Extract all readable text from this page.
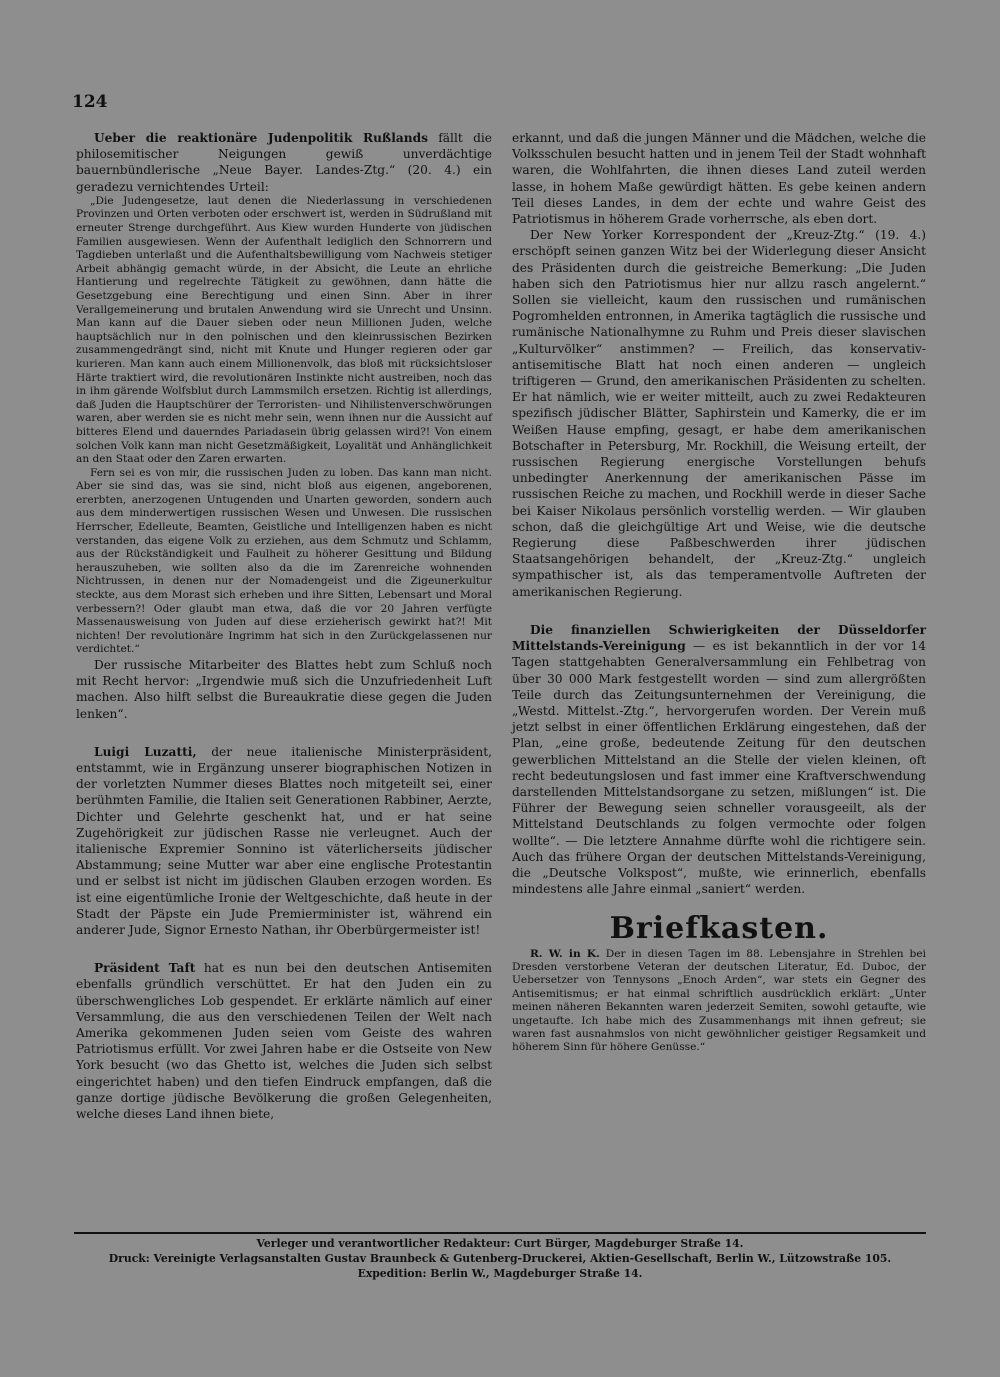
124

Ueber die reaktionäre Judenpolitik Rußlands fällt die philosemitischer Neigungen gewiß unverdächtige bauernbündlerische „Neue Bayer. Landes-Ztg.“ (20. 4.) ein geradezu vernichtendes Urteil:

„Die Judengesetze, laut denen die Niederlassung in verschiedenen Provinzen und Orten verboten oder erschwert ist, werden in Südrußland mit erneuter Strenge durchgeführt. Aus Kiew wurden Hunderte von jüdischen Familien ausgewiesen. Wenn der Aufenthalt lediglich den Schnorrern und Tagdieben unterlaßt und die Aufenthaltsbewilligung vom Nachweis stetiger Arbeit abhängig gemacht würde, in der Absicht, die Leute an ehrliche Hantierung und regelrechte Tätigkeit zu gewöhnen, dann hätte die Gesetzgebung eine Berechtigung und einen Sinn. Aber in ihrer Verallgemeinerung und brutalen Anwendung wird sie Unrecht und Unsinn. Man kann auf die Dauer sieben oder neun Millionen Juden, welche hauptsächlich nur in den polnischen und den kleinrussischen Bezirken zusammengedrängt sind, nicht mit Knute und Hunger regieren oder gar kurieren. Man kann auch einem Millionenvolk, das bloß mit rücksichtsloser Härte traktiert wird, die revolutionären Instinkte nicht austreiben, noch das in ihm gärende Wolfsblut durch Lammsmilch ersetzen. Richtig ist allerdings, daß Juden die Hauptschürer der Terroristen- und Nihilistenverschwörungen waren, aber werden sie es nicht mehr sein, wenn ihnen nur die Aussicht auf bitteres Elend und dauerndes Pariadasein übrig gelassen wird?! Von einem solchen Volk kann man nicht Gesetzmäßigkeit, Loyalität und Anhänglichkeit an den Staat oder den Zaren erwarten.

Fern sei es von mir, die russischen Juden zu loben. Das kann man nicht. Aber sie sind das, was sie sind, nicht bloß aus eigenen, angeborenen, ererbten, anerzogenen Untugenden und Unarten geworden, sondern auch aus dem minderwertigen russischen Wesen und Unwesen. Die russischen Herrscher, Edelleute, Beamten, Geistliche und Intelligenzen haben es nicht verstanden, das eigene Volk zu erziehen, aus dem Schmutz und Schlamm, aus der Rückständigkeit und Faulheit zu höherer Gesittung und Bildung herauszuheben, wie sollten also da die im Zarenreiche wohnenden Nichtrussen, in denen nur der Nomadengeist und die Zigeunerkultur steckte, aus dem Morast sich erheben und ihre Sitten, Lebensart und Moral verbessern?! Oder glaubt man etwa, daß die vor 20 Jahren verfügte Massenausweisung von Juden auf diese erzieherisch gewirkt hat?! Mit nichten! Der revolutionäre Ingrimm hat sich in den Zurückgelassenen nur verdichtet.“

Der russische Mitarbeiter des Blattes hebt zum Schluß noch mit Recht hervor: „Irgendwie muß sich die Unzufriedenheit Luft machen. Also hilft selbst die Bureaukratie diese gegen die Juden lenken“.

Luigi Luzatti, der neue italienische Ministerpräsident, entstammt, wie in Ergänzung unserer biographischen Notizen in der vorletzten Nummer dieses Blattes noch mitgeteilt sei, einer berühmten Familie, die Italien seit Generationen Rabbiner, Aerzte, Dichter und Gelehrte geschenkt hat, und er hat seine Zugehörigkeit zur jüdischen Rasse nie verleugnet. Auch der italienische Expremier Sonnino ist väterlicherseits jüdischer Abstammung; seine Mutter war aber eine englische Protestantin und er selbst ist nicht im jüdischen Glauben erzogen worden. Es ist eine eigentümliche Ironie der Weltgeschichte, daß heute in der Stadt der Päpste ein Jude Premierminister ist, während ein anderer Jude, Signor Ernesto Nathan, ihr Oberbürgermeister ist!

Präsident Taft hat es nun bei den deutschen Antisemiten ebenfalls gründlich verschüttet. Er hat den Juden ein zu überschwengliches Lob gespendet. Er erklärte nämlich auf einer Versammlung, die aus den verschiedenen Teilen der Welt nach Amerika gekommenen Juden seien vom Geiste des wahren Patriotismus erfüllt. Vor zwei Jahren habe er die Ostseite von New York besucht (wo das Ghetto ist, welches die Juden sich selbst eingerichtet haben) und den tiefen Eindruck empfangen, daß die ganze dortige jüdische Bevölkerung die großen Gelegenheiten, welche dieses Land ihnen biete,

erkannt, und daß die jungen Männer und die Mädchen, welche die Volksschulen besucht hatten und in jenem Teil der Stadt wohnhaft waren, die Wohlfahrten, die ihnen dieses Land zuteil werden lasse, in hohem Maße gewürdigt hätten. Es gebe keinen andern Teil dieses Landes, in dem der echte und wahre Geist des Patriotismus in höherem Grade vorherrsche, als eben dort.

Der New Yorker Korrespondent der „Kreuz-Ztg.“ (19. 4.) erschöpft seinen ganzen Witz bei der Widerlegung dieser Ansicht des Präsidenten durch die geistreiche Bemerkung: „Die Juden haben sich den Patriotismus hier nur allzu rasch angelernt.“ Sollen sie vielleicht, kaum den russischen und rumänischen Pogromhelden entronnen, in Amerika tagtäglich die russische und rumänische Nationalhymne zu Ruhm und Preis dieser slavischen „Kulturvölker“ anstimmen? — Freilich, das konservativ-antisemitische Blatt hat noch einen anderen — ungleich triftigeren — Grund, den amerikanischen Präsidenten zu schelten. Er hat nämlich, wie er weiter mitteilt, auch zu zwei Redakteuren spezifisch jüdischer Blätter, Saphirstein und Kamerky, die er im Weißen Hause empfing, gesagt, er habe dem amerikanischen Botschafter in Petersburg, Mr. Rockhill, die Weisung erteilt, der russischen Regierung energische Vorstellungen behufs unbedingter Anerkennung der amerikanischen Pässe im russischen Reiche zu machen, und Rockhill werde in dieser Sache bei Kaiser Nikolaus persönlich vorstellig werden. — Wir glauben schon, daß die gleichgültige Art und Weise, wie die deutsche Regierung diese Paßbeschwerden ihrer jüdischen Staatsangehörigen behandelt, der „Kreuz-Ztg.“ ungleich sympathischer ist, als das temperamentvolle Auftreten der amerikanischen Regierung.

Die finanziellen Schwierigkeiten der Düsseldorfer Mittelstands-Vereinigung — es ist bekanntlich in der vor 14 Tagen stattgehabten Generalversammlung ein Fehlbetrag von über 30 000 Mark festgestellt worden — sind zum allergrößten Teile durch das Zeitungsunternehmen der Vereinigung, die „Westd. Mittelst.-Ztg.“, hervorgerufen worden. Der Verein muß jetzt selbst in einer öffentlichen Erklärung eingestehen, daß der Plan, „eine große, bedeutende Zeitung für den deutschen gewerblichen Mittelstand an die Stelle der vielen kleinen, oft recht bedeutungslosen und fast immer eine Kraftverschwendung darstellenden Mittelstandsorgane zu setzen, mißlungen“ ist. Die Führer der Bewegung seien schneller vorausgeeilt, als der Mittelstand Deutschlands zu folgen vermochte oder folgen wollte“. — Die letztere Annahme dürfte wohl die richtigere sein. Auch das frühere Organ der deutschen Mittelstands-Vereinigung, die „Deutsche Volkspost“, mußte, wie erinnerlich, ebenfalls mindestens alle Jahre einmal „saniert“ werden.

Briefkasten.
R. W. in K. Der in diesen Tagen im 88. Lebensjahre in Strehlen bei Dresden verstorbene Veteran der deutschen Literatur, Ed. Duboc, der Uebersetzer von Tennysons „Enoch Arden“, war stets ein Gegner des Antisemitismus; er hat einmal schriftlich ausdrücklich erklärt: „Unter meinen näheren Bekannten waren jederzeit Semiten, sowohl getaufte, wie ungetaufte. Ich habe mich des Zusammenhangs mit ihnen gefreut; sie waren fast ausnahmslos von nicht gewöhnlicher geistiger Regsamkeit und höherem Sinn für höhere Genüsse.“
Verleger und verantwortlicher Redakteur: Curt Bürger, Magdeburger Straße 14.
Druck: Vereinigte Verlagsanstalten Gustav Braunbeck & Gutenberg-Druckerei, Aktien-Gesellschaft, Berlin W., Lützowstraße 105.
Expedition: Berlin W., Magdeburger Straße 14.
